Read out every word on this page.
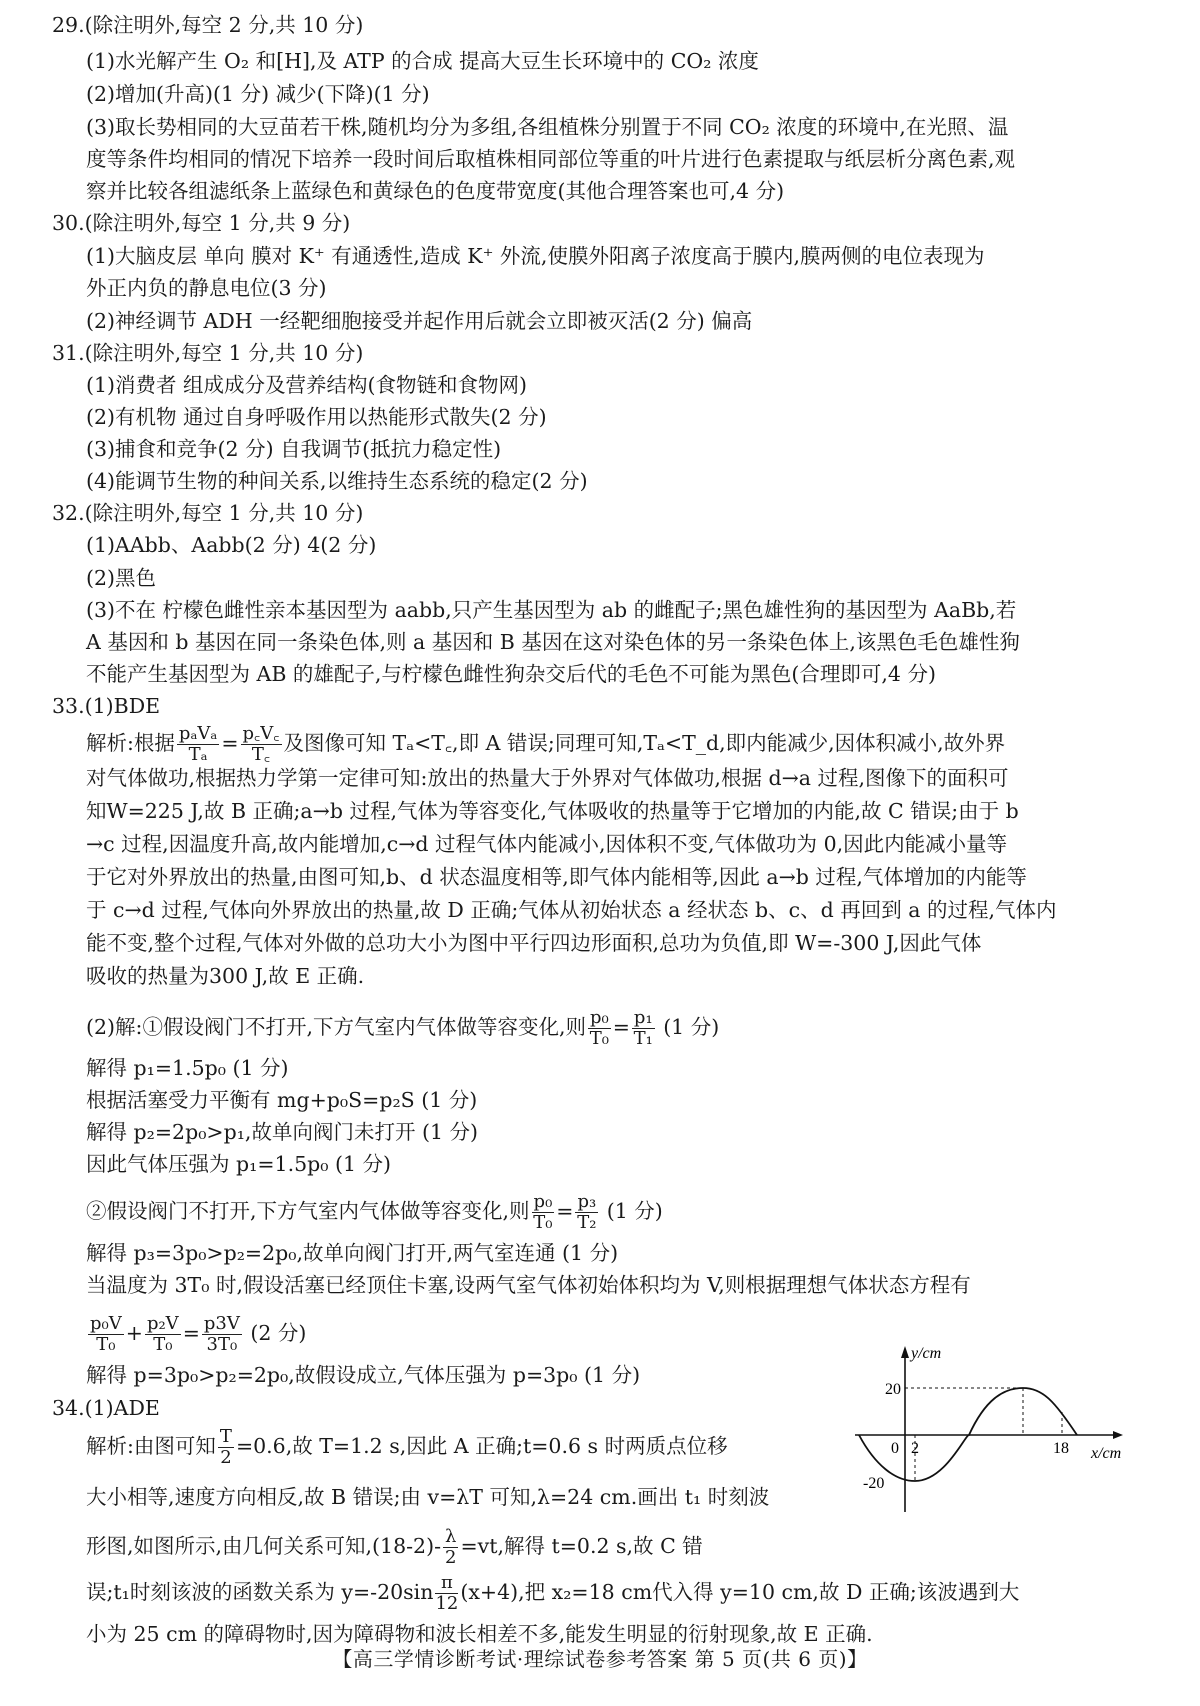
29.(除注明外,每空 2 分,共 10 分)
(1)水光解产生 O₂ 和[H],及 ATP 的合成 提高大豆生长环境中的 CO₂ 浓度
(2)增加(升高)(1 分) 减少(下降)(1 分)
(3)取长势相同的大豆苗若干株,随机均分为多组,各组植株分别置于不同 CO₂ 浓度的环境中,在光照、温
度等条件均相同的情况下培养一段时间后取植株相同部位等重的叶片进行色素提取与纸层析分离色素,观
察并比较各组滤纸条上蓝绿色和黄绿色的色度带宽度(其他合理答案也可,4 分)
30.(除注明外,每空 1 分,共 9 分)
(1)大脑皮层 单向 膜对 K⁺ 有通透性,造成 K⁺ 外流,使膜外阳离子浓度高于膜内,膜两侧的电位表现为
外正内负的静息电位(3 分)
(2)神经调节 ADH 一经靶细胞接受并起作用后就会立即被灭活(2 分) 偏高
31.(除注明外,每空 1 分,共 10 分)
(1)消费者 组成成分及营养结构(食物链和食物网)
(2)有机物 通过自身呼吸作用以热能形式散失(2 分)
(3)捕食和竞争(2 分) 自我调节(抵抗力稳定性)
(4)能调节生物的种间关系,以维持生态系统的稳定(2 分)
32.(除注明外,每空 1 分,共 10 分)
(1)AAbb、Aabb(2 分) 4(2 分)
(2)黑色
(3)不在 柠檬色雌性亲本基因型为 aabb,只产生基因型为 ab 的雌配子;黑色雄性狗的基因型为 AaBb,若
A 基因和 b 基因在同一条染色体,则 a 基因和 B 基因在这对染色体的另一条染色体上,该黑色毛色雄性狗
不能产生基因型为 AB 的雄配子,与柠檬色雌性狗杂交后代的毛色不可能为黑色(合理即可,4 分)
33.(1)BDE
对气体做功,根据热力学第一定律可知:放出的热量大于外界对气体做功,根据 d→a 过程,图像下的面积可
知W=225 J,故 B 正确;a→b 过程,气体为等容变化,气体吸收的热量等于它增加的内能,故 C 错误;由于 b
→c 过程,因温度升高,故内能增加,c→d 过程气体内能减小,因体积不变,气体做功为 0,因此内能减小量等
于它对外界放出的热量,由图可知,b、d 状态温度相等,即气体内能相等,因此 a→b 过程,气体增加的内能等
于 c→d 过程,气体向外界放出的热量,故 D 正确;气体从初始状态 a 经状态 b、c、d 再回到 a 的过程,气体内
能不变,整个过程,气体对外做的总功大小为图中平行四边形面积,总功为负值,即 W=-300 J,因此气体
吸收的热量为300 J,故 E 正确.
解得 p₁=1.5p₀ (1 分)
根据活塞受力平衡有 mg+p₀S=p₂S (1 分)
解得 p₂=2p₀>p₁,故单向阀门未打开 (1 分)
因此气体压强为 p₁=1.5p₀ (1 分)
解得 p₃=3p₀>p₂=2p₀,故单向阀门打开,两气室连通 (1 分)
当温度为 3T₀ 时,假设活塞已经顶住卡塞,设两气室气体初始体积均为 V,则根据理想气体状态方程有
解得 p=3p₀>p₂=2p₀,故假设成立,气体压强为 p=3p₀ (1 分)
34.(1)ADE
大小相等,速度方向相反,故 B 错误;由 v=λT 可知,λ=24 cm.画出 t₁ 时刻波
小为 25 cm 的障碍物时,因为障碍物和波长相差不多,能发生明显的衍射现象,故 E 正确.
解析:根据 pₐVₐ
$T_a = \frac{p꜀V꜀}{T꜀}$ 及图像可知 Tₐ<T꜀,即 A 错误;同理可知,Tₐ<T_d,即内能减少,因体积减小,故外界
(2)解:①假设阀门不打开,下方气室内气体做等容变化,则 $\frac{\text{p₀}}{\text{T₀}} = \frac{\text{p₁}}{\text{T₁}} (1$ 分)
②假设阀门不打开,下方气室内气体做等容变化,则 $\frac{\text{p₀}}{\text{T₀}} = \frac{\text{p₃}}{\text{T₂}} (1$ 分)
$\frac{\text{p₀V}}{\text{T₀}} + \frac{\text{p₂V}}{\text{T₀}} = \frac{p3V}{\text{3T₀}} (2$ 分)
解析:由图可知 $\frac{T}{2} =0.6$,故 T=1.2 s,因此 A 正确;t=0.6 s 时两质点位移
形图,如图所示,由几何关系可知$,(18-2)- \frac{\lambda}{2} =vt$,解得 t=0.2 s,故 C 错
误;t₁时刻该波的函数关系为 $y=-20\sin \frac{\pi}{12} (x+4)$,把 x₂=18 cm代入得 y=10 cm,故 D 正确;该波遇到大
y/cm
x/cm
20
-20
0 2	18
【高三学情诊断考试·理综试卷参考答案 第 5 页(共 6 页)】
